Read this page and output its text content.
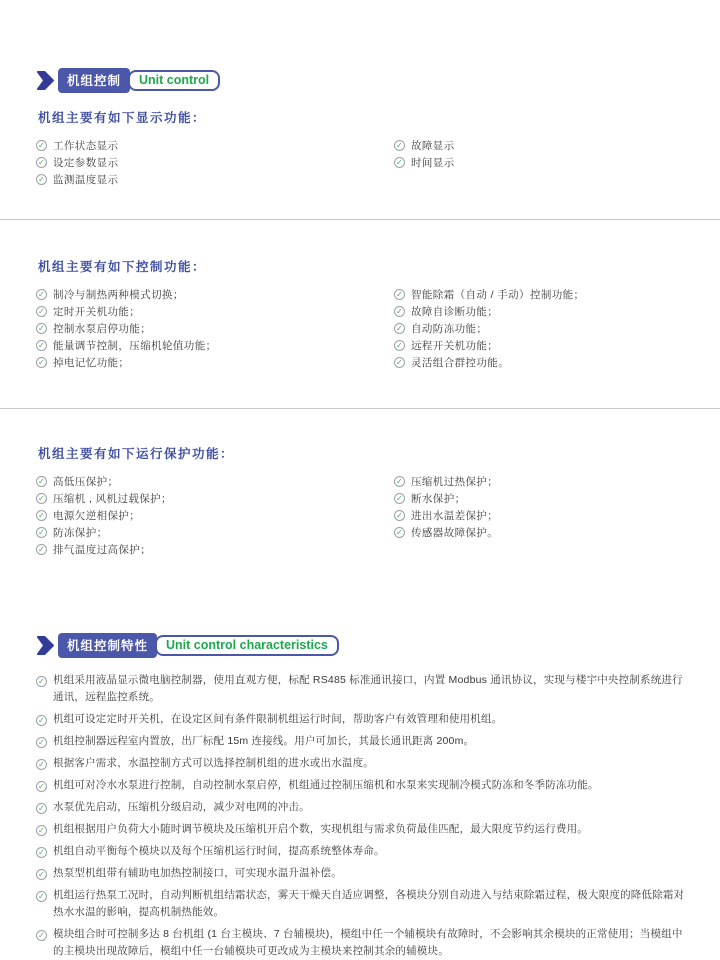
机组控制	Unit control
机组主要有如下显示功能：
✓
工作状态显示
✓
设定参数显示
✓
监测温度显示
✓
故障显示
✓
时间显示
机组主要有如下控制功能：
✓
制冷与制热两种模式切换；
✓
定时开关机功能；
✓
控制水泵启停功能；
✓
能量调节控制，压缩机轮值功能；
✓
掉电记忆功能；
✓
智能除霜（自动 / 手动）控制功能；
✓
故障自诊断功能；
✓
自动防冻功能；
✓
远程开关机功能；
✓
灵活组合群控功能。
机组主要有如下运行保护功能：
✓
高低压保护；
✓
压缩机 , 风机过载保护；
✓
电源欠逆相保护；
✓
防冻保护；
✓
排气温度过高保护；
✓
压缩机过热保护；
✓
断水保护；
✓
进出水温差保护；
✓
传感器故障保护。
机组控制特性	Unit control characteristics
✓
机组采用液晶显示微电脑控制器，使用直观方便，标配 RS485 标准通讯接口，内置 Modbus 通讯协议，实现与楼宇中央控制系统进行通讯，远程监控系统。
✓
机组可设定定时开关机，在设定区间有条件限制机组运行时间，帮助客户有效管理和使用机组。
✓
机组控制器远程室内置放，出厂标配 15m 连接线。用户可加长，其最长通讯距离 200m。
✓
根据客户需求，水温控制方式可以选择控制机组的进水或出水温度。
✓
机组可对冷水水泵进行控制，自动控制水泵启停，机组通过控制压缩机和水泵来实现制冷模式防冻和冬季防冻功能。
✓
水泵优先启动，压缩机分级启动，减少对电网的冲击。
✓
机组根据用户负荷大小随时调节模块及压缩机开启个数，实现机组与需求负荷最佳匹配，最大限度节约运行费用。
✓
机组自动平衡每个模块以及每个压缩机运行时间，提高系统整体寿命。
✓
热泵型机组带有辅助电加热控制接口，可实现水温升温补偿。
✓
机组运行热泵工况时，自动判断机组结霜状态，雾天干燥天自适应调整，各模块分别自动进入与结束除霜过程，极大限度的降低除霜对热水水温的影响，提高机制热能效。
✓
模块组合时可控制多达 8 台机组 (1 台主模块、7 台辅模块)，模组中任一个辅模块有故障时，不会影响其余模块的正常使用；当模组中的主模块出现故障后，模组中任一台辅模块可更改成为主模块来控制其余的辅模块。
